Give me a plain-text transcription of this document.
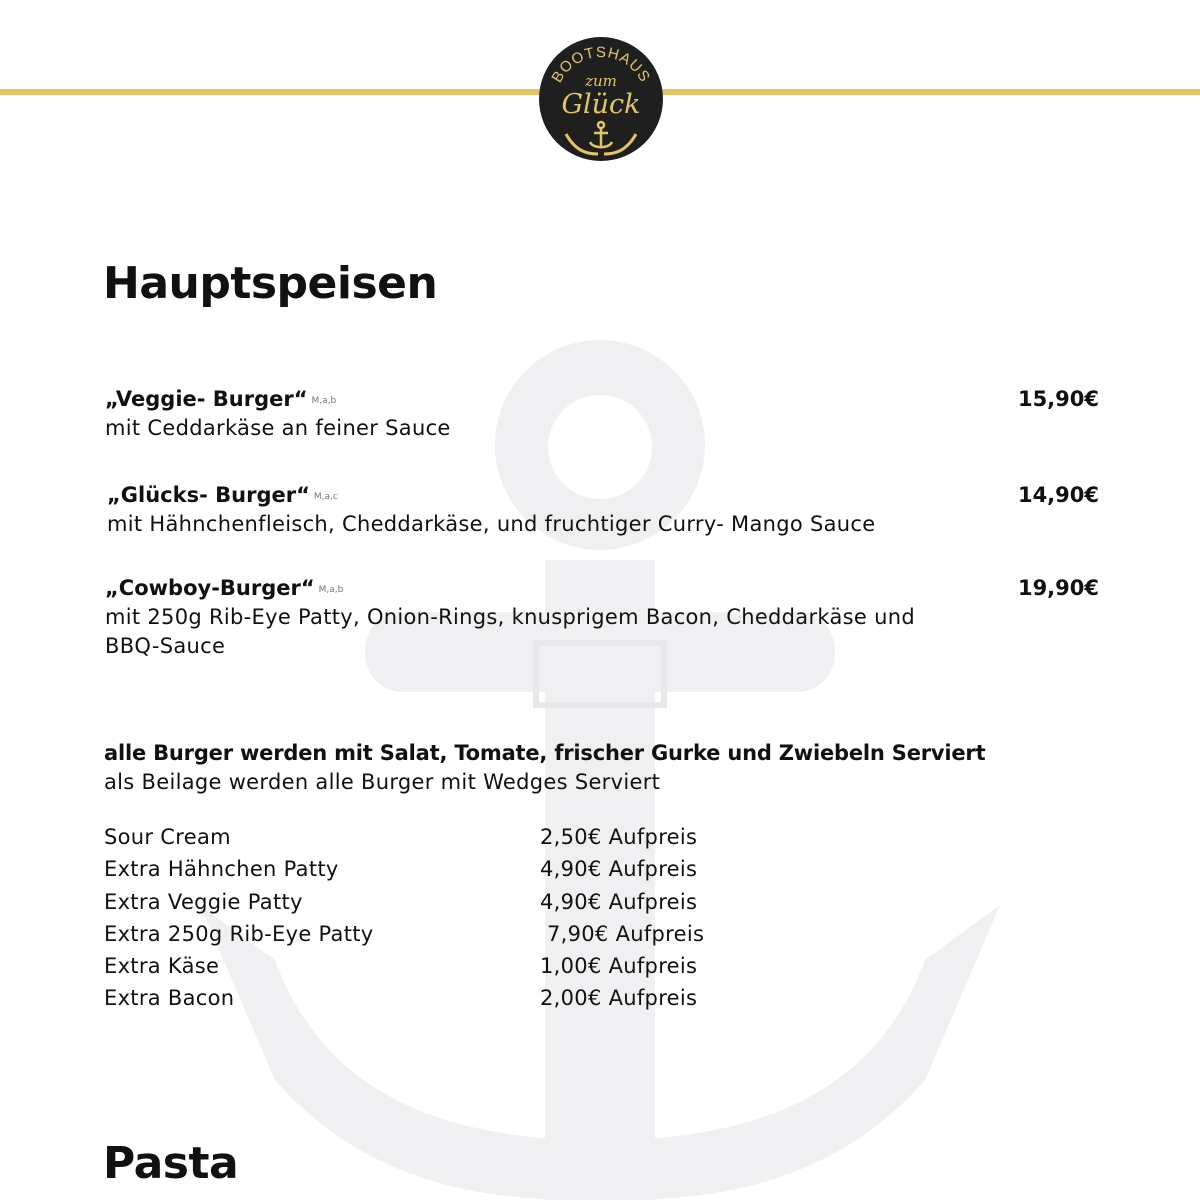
BOOTSHAUS
zum
Glück
Hauptspeisen
„Veggie- Burger“ $^{M,a,b}$	15,90€
mit Ceddarkäse an feiner Sauce
„Glücks- Burger“ $^{M,a,c}$	14,90€
mit Hähnchenfleisch, Cheddarkäse, und fruchtiger Curry- Mango Sauce
„Cowboy-Burger“ $^{M,a,b}$	19,90€
mit 250g Rib-Eye Patty, Onion-Rings, knusprigem Bacon, Cheddarkäse und BBQ-Sauce
alle Burger werden mit Salat, Tomate, frischer Gurke und Zwiebeln Serviert
als Beilage werden alle Burger mit Wedges Serviert
Sour Cream	2,50€ Aufpreis
Extra Hähnchen Patty	4,90€ Aufpreis
Extra Veggie Patty	4,90€ Aufpreis
Extra 250g Rib-Eye Patty	7,90€ Aufpreis
Extra Käse	1,00€ Aufpreis
Extra Bacon	2,00€ Aufpreis
Pasta
